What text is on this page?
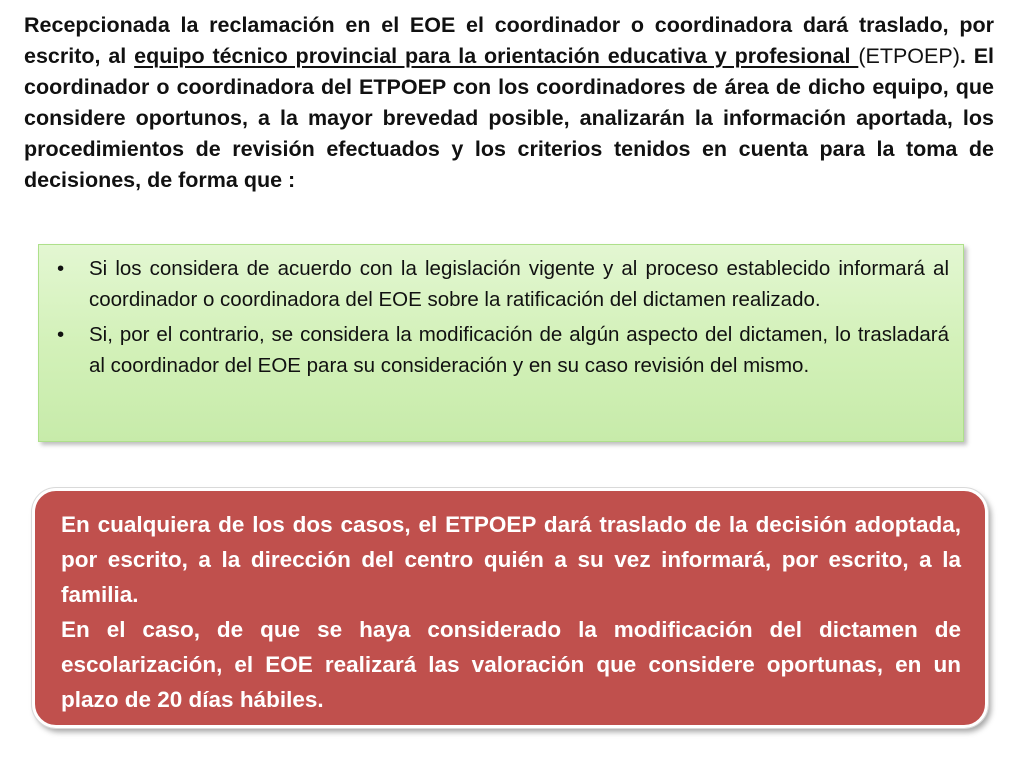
Recepcionada la reclamación en el EOE el coordinador o coordinadora dará traslado, por escrito, al equipo técnico provincial para la orientación educativa y profesional (ETPOEP). El coordinador o coordinadora del ETPOEP con los coordinadores de área de dicho equipo, que considere oportunos, a la mayor brevedad posible, analizarán la información aportada, los procedimientos de revisión efectuados y los criterios tenidos en cuenta para la toma de decisiones, de forma que :

• Si los considera de acuerdo con la legislación vigente y al proceso establecido informará al coordinador o coordinadora del EOE sobre la ratificación del dictamen realizado.
• Si, por el contrario, se considera la modificación de algún aspecto del dictamen, lo trasladará al coordinador del EOE para su consideración y en su caso revisión del mismo.

En cualquiera de los dos casos, el ETPOEP dará traslado de la decisión adoptada, por escrito, a la dirección del centro quién a su vez informará, por escrito, a la familia.

En el caso, de que se haya considerado la modificación del dictamen de escolarización, el EOE realizará las valoración que considere oportunas, en un plazo de 20 días hábiles.
